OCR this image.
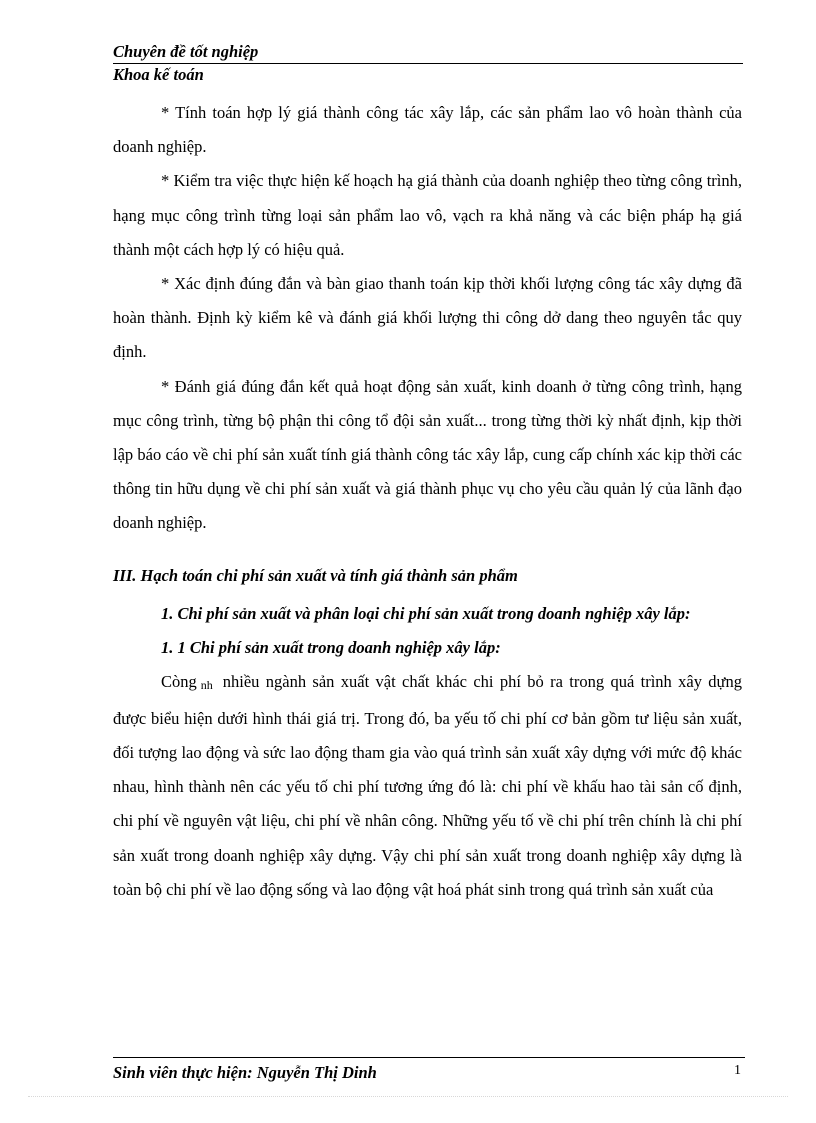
Chuyên đề tốt nghiệp
Khoa kế toán

* Tính toán hợp lý giá thành công tác xây lắp, các sản phẩm lao vô hoàn thành của doanh nghiệp.

* Kiểm tra việc thực hiện kế hoạch hạ giá thành của doanh nghiệp theo từng công trình, hạng mục công trình từng loại sản phẩm lao vô, vạch ra khả năng và các biện pháp hạ giá thành một cách hợp lý có hiệu quả.

* Xác định đúng đắn và bàn giao thanh toán kịp thời khối lượng công tác xây dựng đã hoàn thành. Định kỳ kiểm kê và đánh giá khối lượng thi công dở dang theo nguyên tắc quy định.

* Đánh giá đúng đắn kết quả hoạt động sản xuất, kinh doanh ở từng công trình, hạng mục công trình, từng bộ phận thi công tổ đội sản xuất... trong từng thời kỳ nhất định, kịp thời lập báo cáo về chi phí sản xuất tính giá thành công tác xây lắp, cung cấp chính xác kịp thời các thông tin hữu dụng về chi phí sản xuất và giá thành phục vụ cho yêu cầu quản lý của lãnh đạo doanh nghiệp.

III. Hạch toán chi phí sản xuất và tính giá thành sản phẩm

1. Chi phí sản xuất và phân loại chi phí sản xuất trong doanh nghiệp xây lắp:

1. 1 Chi phí sản xuất trong doanh nghiệp xây lắp:

Còng nh nhiều ngành sản xuất vật chất khác chi phí bỏ ra trong quá trình xây dựng được biểu hiện dưới hình thái giá trị. Trong đó, ba yếu tố chi phí cơ bản gồm tư liệu sản xuất, đối tượng lao động và sức lao động tham gia vào quá trình sản xuất xây dựng với mức độ khác nhau, hình thành nên các yếu tố chi phí tương ứng đó là: chi phí về khấu hao tài sản cố định, chi phí về nguyên vật liệu, chi phí về nhân công. Những yếu tố về chi phí trên chính là chi phí sản xuất trong doanh nghiệp xây dựng. Vậy chi phí sản xuất trong doanh nghiệp xây dựng là toàn bộ chi phí về lao động sống và lao động vật hoá phát sinh trong quá trình sản xuất của

Sinh viên thực hiện: Nguyễn Thị Dinh	1
